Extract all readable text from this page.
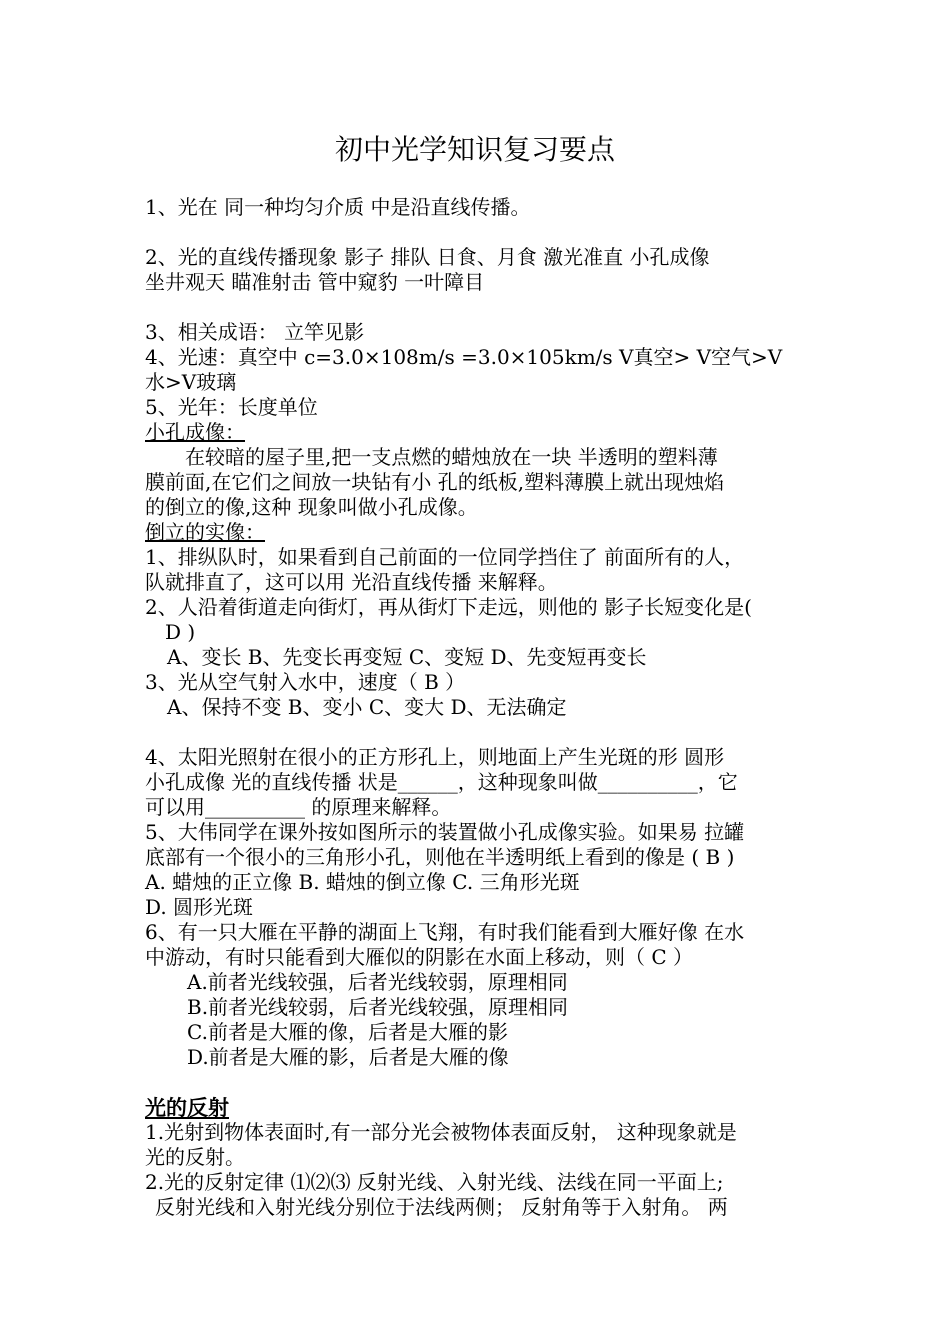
初中光学知识复习要点
1、光在 同一种均匀介质 中是沿直线传播。
2、光的直线传播现象 影子 排队 日食、月食 激光准直 小孔成像
坐井观天 瞄准射击 管中窥豹 一叶障目
3、相关成语： 立竿见影
4、光速：真空中 c=3.0×108m/s =3.0×105km/s V真空> V空气>V
水>V玻璃
5、光年：长度单位
小孔成像：
在较暗的屋子里,把一支点燃的蜡烛放在一块 半透明的塑料薄
膜前面,在它们之间放一块钻有小 孔的纸板,塑料薄膜上就出现烛焰
的倒立的像,这种 现象叫做小孔成像。
倒立的实像：
1、排纵队时，如果看到自己前面的一位同学挡住了 前面所有的人，
队就排直了，这可以用 光沿直线传播 来解释。
2、人沿着街道走向街灯，再从街灯下走远，则他的 影子长短变化是(
D )
A、变长 B、先变长再变短 C、变短 D、先变短再变长
3、光从空气射入水中，速度（ B ）
A、保持不变 B、变小 C、变大 D、无法确定
4、太阳光照射在很小的正方形孔上，则地面上产生光斑的形 圆形
小孔成像 光的直线传播 状是______，这种现象叫做__________，它
可以用__________ 的原理来解释。
5、大伟同学在课外按如图所示的装置做小孔成像实验。如果易 拉罐
底部有一个很小的三角形小孔，则他在半透明纸上看到的像是 ( B )
A. 蜡烛的正立像 B. 蜡烛的倒立像 C. 三角形光斑
D. 圆形光斑
6、有一只大雁在平静的湖面上飞翔，有时我们能看到大雁好像 在水
中游动，有时只能看到大雁似的阴影在水面上移动，则（ C ）
A.前者光线较强，后者光线较弱，原理相同
B.前者光线较弱，后者光线较强，原理相同
C.前者是大雁的像，后者是大雁的影
D.前者是大雁的影，后者是大雁的像
光的反射
1.光射到物体表面时,有一部分光会被物体表面反射， 这种现象就是
光的反射。
2.光的反射定律 ⑴⑵⑶ 反射光线、入射光线、法线在同一平面上;
反射光线和入射光线分别位于法线两侧； 反射角等于入射角。 两
